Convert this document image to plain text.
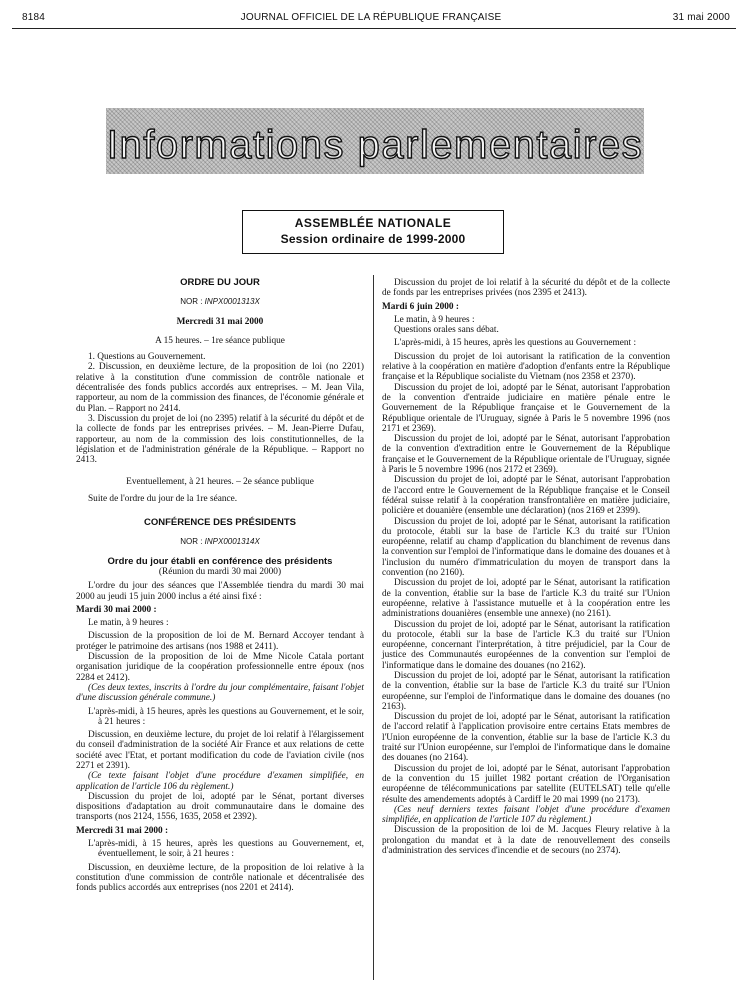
8184	JOURNAL OFFICIEL DE LA RÉPUBLIQUE FRANÇAISE	31 mai 2000
Informations parlementaires
ASSEMBLÉE NATIONALE
Session ordinaire de 1999-2000
ORDRE DU JOUR
NOR : INPX0001313X
Mercredi 31 mai 2000
A 15 heures. – 1re séance publique

1. Questions au Gouvernement.

2. Discussion, en deuxième lecture, de la proposition de loi (no 2201) relative à la constitution d'une commission de contrôle nationale et décentralisée des fonds publics accordés aux entreprises. – M. Jean Vila, rapporteur, au nom de la commission des finances, de l'économie générale et du Plan. – Rapport no 2414.

3. Discussion du projet de loi (no 2395) relatif à la sécurité du dépôt et de la collecte de fonds par les entreprises privées. – M. Jean-Pierre Dufau, rapporteur, au nom de la commission des lois constitutionnelles, de la législation et de l'administration générale de la République. – Rapport no 2413.

Eventuellement, à 21 heures. – 2e séance publique

Suite de l'ordre du jour de la 1re séance.

CONFÉRENCE DES PRÉSIDENTS
NOR : INPX0001314X
Ordre du jour établi en conférence des présidents
(Réunion du mardi 30 mai 2000)

L'ordre du jour des séances que l'Assemblée tiendra du mardi 30 mai 2000 au jeudi 15 juin 2000 inclus a été ainsi fixé :

Mardi 30 mai 2000 :

Le matin, à 9 heures :

Discussion de la proposition de loi de M. Bernard Accoyer tendant à protéger le patrimoine des artisans (nos 1988 et 2411).

Discussion de la proposition de loi de Mme Nicole Catala portant organisation juridique de la coopération professionnelle entre époux (nos 2284 et 2412).

(Ces deux textes, inscrits à l'ordre du jour complémentaire, faisant l'objet d'une discussion générale commune.)

L'après-midi, à 15 heures, après les questions au Gouvernement, et le soir, à 21 heures :

Discussion, en deuxième lecture, du projet de loi relatif à l'élargissement du conseil d'administration de la société Air France et aux relations de cette société avec l'Etat, et portant modification du code de l'aviation civile (nos 2271 et 2391).

(Ce texte faisant l'objet d'une procédure d'examen simplifiée, en application de l'article 106 du règlement.)

Discussion du projet de loi, adopté par le Sénat, portant diverses dispositions d'adaptation au droit communautaire dans le domaine des transports (nos 2124, 1556, 1635, 2058 et 2392).

Mercredi 31 mai 2000 :

L'après-midi, à 15 heures, après les questions au Gouvernement, et, éventuellement, le soir, à 21 heures :

Discussion, en deuxième lecture, de la proposition de loi relative à la constitution d'une commission de contrôle nationale et décentralisée des fonds publics accordés aux entreprises (nos 2201 et 2414).

Discussion du projet de loi relatif à la sécurité du dépôt et de la collecte de fonds par les entreprises privées (nos 2395 et 2413).

Mardi 6 juin 2000 :

Le matin, à 9 heures :

Questions orales sans débat.

L'après-midi, à 15 heures, après les questions au Gouvernement :

Discussion du projet de loi autorisant la ratification de la convention relative à la coopération en matière d'adoption d'enfants entre la République française et la République socialiste du Vietnam (nos 2358 et 2370).

Discussion du projet de loi, adopté par le Sénat, autorisant l'approbation de la convention d'entraide judiciaire en matière pénale entre le Gouvernement de la République française et le Gouvernement de la République orientale de l'Uruguay, signée à Paris le 5 novembre 1996 (nos 2171 et 2369).

Discussion du projet de loi, adopté par le Sénat, autorisant l'approbation de la convention d'extradition entre le Gouvernement de la République française et le Gouvernement de la République orientale de l'Uruguay, signée à Paris le 5 novembre 1996 (nos 2172 et 2369).

Discussion du projet de loi, adopté par le Sénat, autorisant l'approbation de l'accord entre le Gouvernement de la République française et le Conseil fédéral suisse relatif à la coopération transfrontalière en matière judiciaire, policière et douanière (ensemble une déclaration) (nos 2169 et 2399).

Discussion du projet de loi, adopté par le Sénat, autorisant la ratification du protocole, établi sur la base de l'article K.3 du traité sur l'Union européenne, relatif au champ d'application du blanchiment de revenus dans la convention sur l'emploi de l'informatique dans le domaine des douanes et à l'inclusion du numéro d'immatriculation du moyen de transport dans la convention (no 2160).

Discussion du projet de loi, adopté par le Sénat, autorisant la ratification de la convention, établie sur la base de l'article K.3 du traité sur l'Union européenne, relative à l'assistance mutuelle et à la coopération entre les administrations douanières (ensemble une annexe) (no 2161).

Discussion du projet de loi, adopté par le Sénat, autorisant la ratification du protocole, établi sur la base de l'article K.3 du traité sur l'Union européenne, concernant l'interprétation, à titre préjudiciel, par la Cour de justice des Communautés européennes de la convention sur l'emploi de l'informatique dans le domaine des douanes (no 2162).

Discussion du projet de loi, adopté par le Sénat, autorisant la ratification de la convention, établie sur la base de l'article K.3 du traité sur l'Union européenne, sur l'emploi de l'informatique dans le domaine des douanes (no 2163).

Discussion du projet de loi, adopté par le Sénat, autorisant la ratification de l'accord relatif à l'application provisoire entre certains Etats membres de l'Union européenne de la convention, établie sur la base de l'article K.3 du traité sur l'Union européenne, sur l'emploi de l'informatique dans le domaine des douanes (no 2164).

Discussion du projet de loi, adopté par le Sénat, autorisant l'approbation de la convention du 15 juillet 1982 portant création de l'Organisation européenne de télécommunications par satellite (EUTELSAT) telle qu'elle résulte des amendements adoptés à Cardiff le 20 mai 1999 (no 2173).

(Ces neuf derniers textes faisant l'objet d'une procédure d'examen simplifiée, en application de l'article 107 du règlement.)

Discussion de la proposition de loi de M. Jacques Fleury relative à la prolongation du mandat et à la date de renouvellement des conseils d'administration des services d'incendie et de secours (no 2374).
